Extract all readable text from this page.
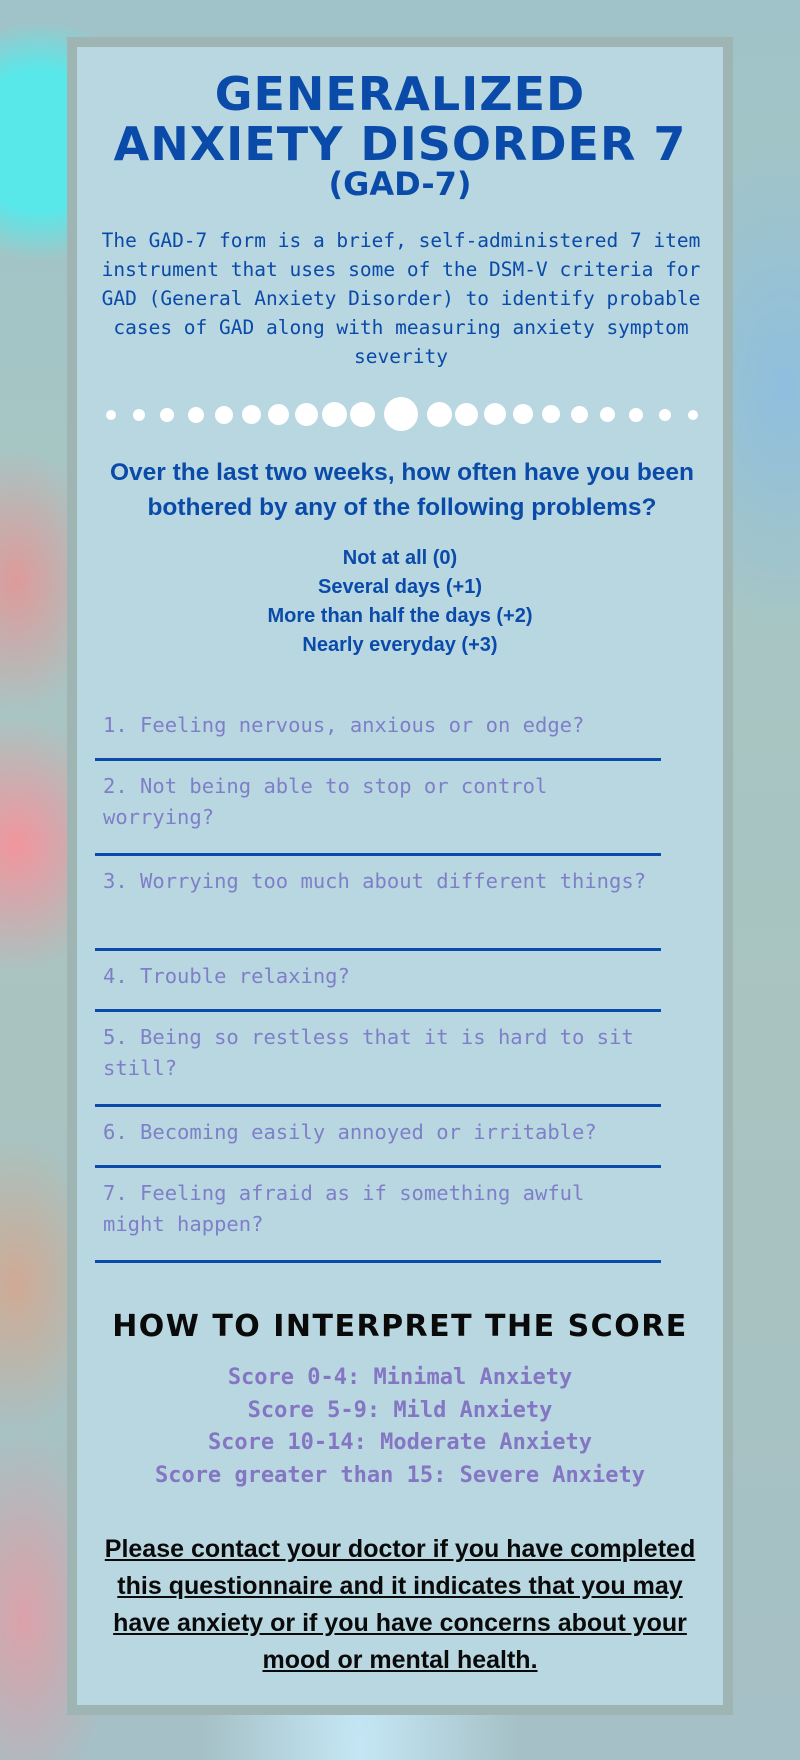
GENERALIZED
ANXIETY DISORDER 7
(GAD-7)

The GAD-7 form is a brief, self-administered 7 item instrument that uses some of the DSM-V criteria for GAD (General Anxiety Disorder) to identify probable cases of GAD along with measuring anxiety symptom severity

Over the last two weeks, how often have you been bothered by any of the following problems?

Not at all (0)
Several days (+1)
More than half the days (+2)
Nearly everyday (+3)
1. Feeling nervous, anxious or on edge?
2. Not being able to stop or control worrying?
3. Worrying too much about different things?
4. Trouble relaxing?
5. Being so restless that it is hard to sit still?
6. Becoming easily annoyed or irritable?
7. Feeling afraid as if something awful might happen?
HOW TO INTERPRET THE SCORE
Score 0-4: Minimal Anxiety
Score 5-9: Mild Anxiety
Score 10-14: Moderate Anxiety
Score greater than 15: Severe Anxiety

Please contact your doctor if you have completed this questionnaire and it indicates that you may have anxiety or if you have concerns about your mood or mental health.
